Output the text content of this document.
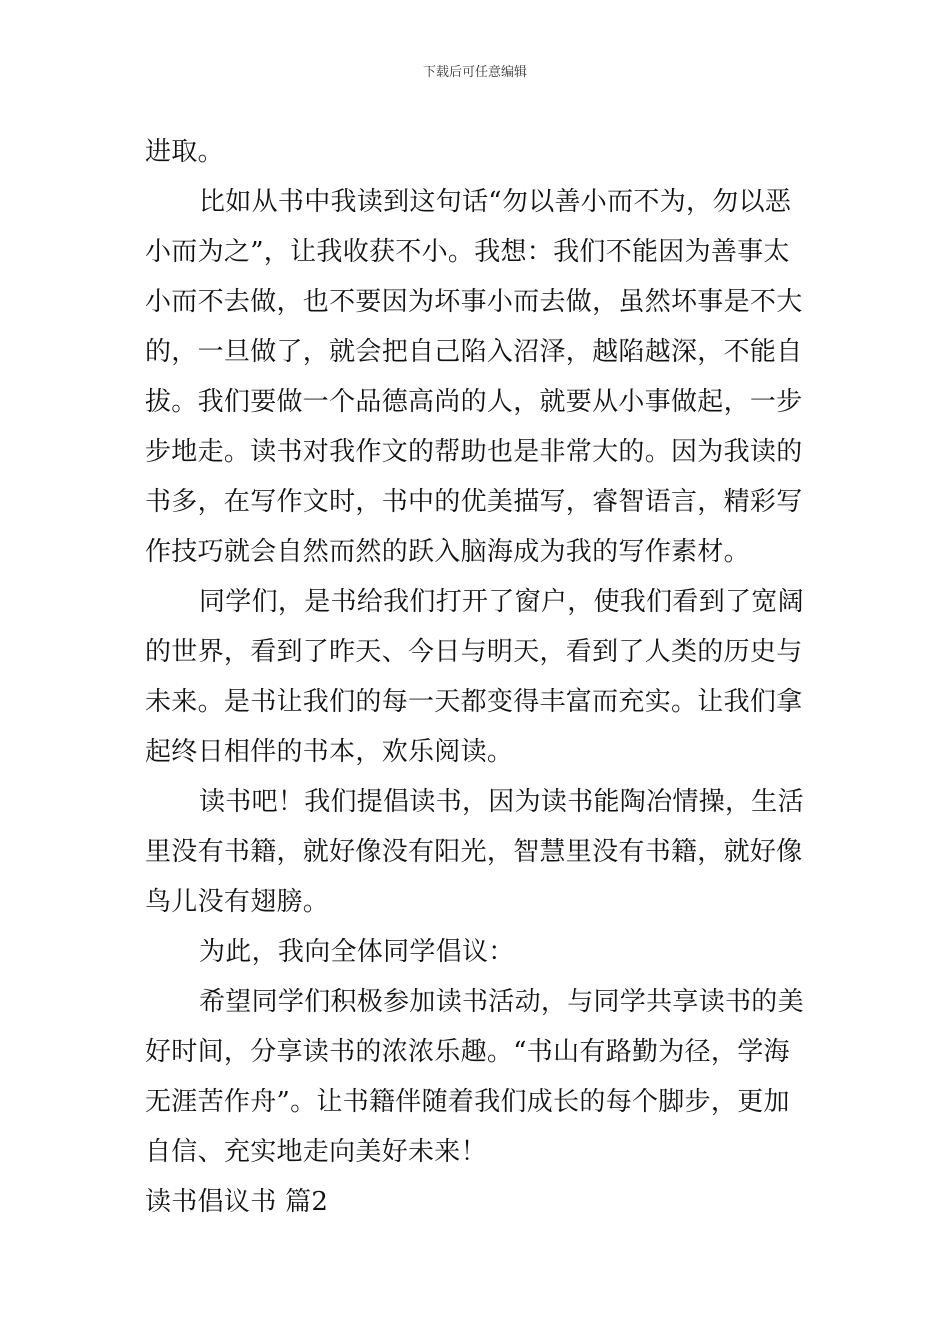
下载后可任意编辑
进取。
比如从书中我读到这句话“勿以善小而不为，勿以恶
小而为之”，让我收获不小。我想：我们不能因为善事太
小而不去做，也不要因为坏事小而去做，虽然坏事是不大
的，一旦做了，就会把自己陷入沼泽，越陷越深，不能自
拔。我们要做一个品德高尚的人，就要从小事做起，一步
步地走。读书对我作文的帮助也是非常大的。因为我读的
书多，在写作文时，书中的优美描写，睿智语言，精彩写
作技巧就会自然而然的跃入脑海成为我的写作素材。
同学们，是书给我们打开了窗户，使我们看到了宽阔
的世界，看到了昨天、今日与明天，看到了人类的历史与
未来。是书让我们的每一天都变得丰富而充实。让我们拿
起终日相伴的书本，欢乐阅读。
读书吧！我们提倡读书，因为读书能陶冶情操，生活
里没有书籍，就好像没有阳光，智慧里没有书籍，就好像
鸟儿没有翅膀。
为此，我向全体同学倡议：
希望同学们积极参加读书活动，与同学共享读书的美
好时间，分享读书的浓浓乐趣。“书山有路勤为径，学海
无涯苦作舟”。让书籍伴随着我们成长的每个脚步，更加
自信、充实地走向美好未来！
读书倡议书 篇2
